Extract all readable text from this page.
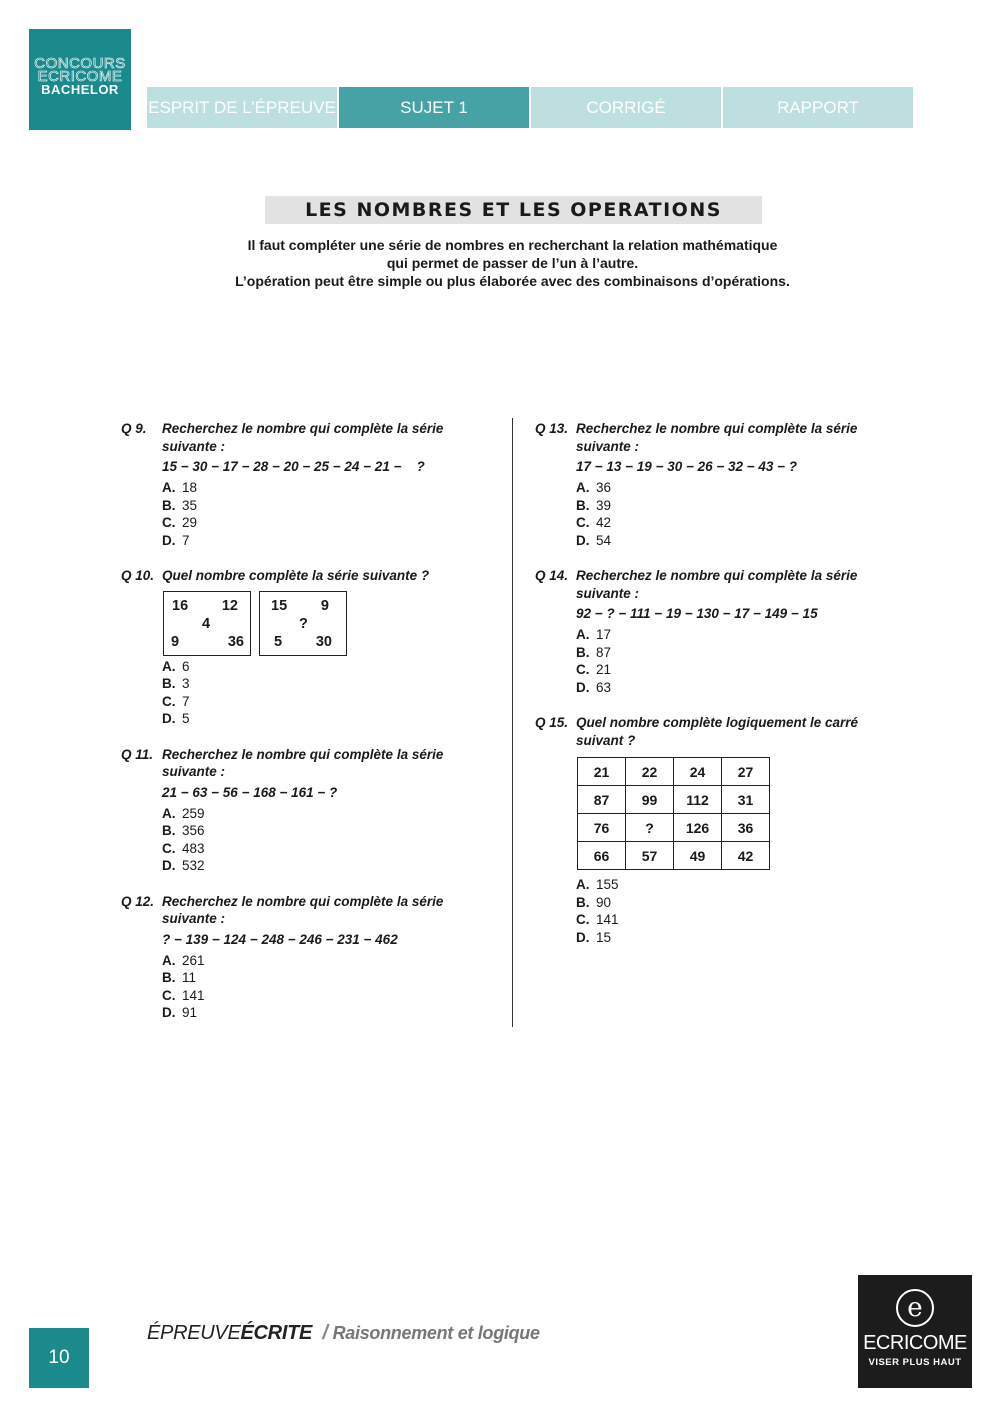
CONCOURS
ECRICOME
BACHELOR
ESPRIT DE L’ÉPREUVE	SUJET 1	CORRIGÉ	RAPPORT
LES NOMBRES ET LES OPERATIONS
Il faut compléter une série de nombres en recherchant la relation mathématique
qui permet de passer de l’un à l’autre.
L’opération peut être simple ou plus élaborée avec des combinaisons d’opérations.
Q 9.	Recherchez le nombre qui complète la série suivante :
15 − 30 − 17 − 28 − 20 − 25 − 24 − 21 −    ?
A. 18
B. 35
C. 29
D. 7
Q 10. Quel nombre complète la série suivante ?
16 12
4
9	36
15 9
?
5 30
A. 6
B. 3
C. 7
D. 5
Q 11. Recherchez le nombre qui complète la série suivante :
21 − 63 − 56 − 168 − 161 − ?
A. 259
B. 356
C. 483
D. 532
Q 12. Recherchez le nombre qui complète la série suivante :
? − 139 − 124 − 248 − 246 − 231 − 462
A. 261
B. 11
C. 141
D. 91
Q 13. Recherchez le nombre qui complète la série suivante :
17 − 13 − 19 − 30 − 26 − 32 − 43 − ?
A. 36
B. 39
C. 42
D. 54
Q 14. Recherchez le nombre qui complète la série suivante :
92 − ? − 111 − 19 − 130 − 17 − 149 − 15
A. 17
B. 87
C. 21
D. 63
Q 15. Quel nombre complète logiquement le carré suivant ?
21	22	24	27
87	99	112	31
76	?	126	36
66	57	49	42
A. 155
B. 90
C. 141
D. 15
10
ÉPREUVEÉCRITE / Raisonnement et logique
e
ECRICOME
VISER PLUS HAUT
